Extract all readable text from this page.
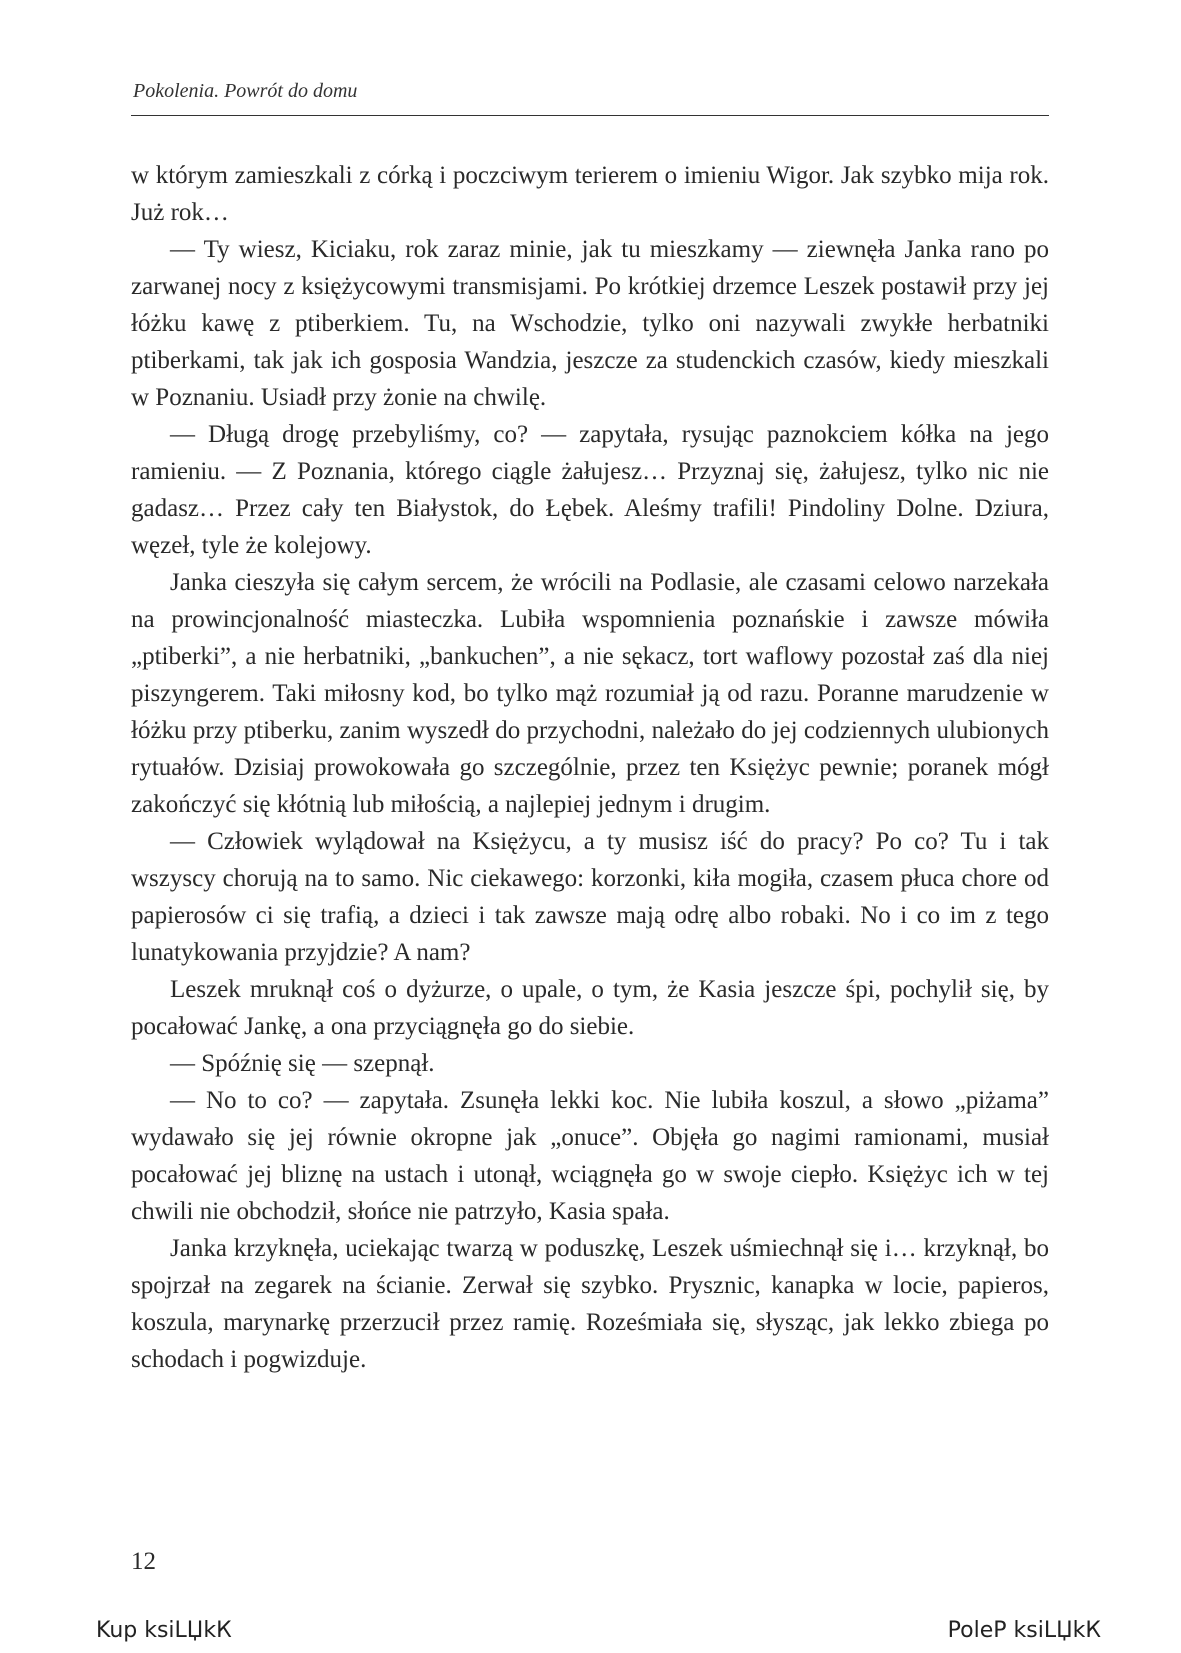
Pokolenia. Powrót do domu

w którym zamieszkali z córką i poczciwym terierem o imieniu Wigor. Jak szybko mija rok. Już rok…

— Ty wiesz, Kiciaku, rok zaraz minie, jak tu mieszkamy — ziewnęła Janka rano po zarwanej nocy z księżycowymi transmisjami. Po krótkiej drzemce Leszek postawił przy jej łóżku kawę z ptiberkiem. Tu, na Wschodzie, tylko oni nazywali zwykłe herbatniki ptiberkami, tak jak ich gosposia Wandzia, jeszcze za studenckich czasów, kiedy mieszkali w Poznaniu. Usiadł przy żonie na chwilę.

— Długą drogę przebyliśmy, co? — zapytała, rysując paznokciem kółka na jego ramieniu. — Z Poznania, którego ciągle żałujesz… Przyznaj się, żałujesz, tylko nic nie gadasz… Przez cały ten Białystok, do Łębek. Aleśmy trafili! Pindoliny Dolne. Dziura, węzeł, tyle że kolejowy.

Janka cieszyła się całym sercem, że wrócili na Podlasie, ale czasami celowo narzekała na prowincjonalność miasteczka. Lubiła wspomnienia poznańskie i zawsze mówiła „ptiberki”, a nie herbatniki, „bankuchen”, a nie sękacz, tort waflowy pozostał zaś dla niej piszyngerem. Taki miłosny kod, bo tylko mąż rozumiał ją od razu. Poranne marudzenie w łóżku przy ptiberku, zanim wyszedł do przychodni, należało do jej codziennych ulubionych rytuałów. Dzisiaj prowokowała go szczególnie, przez ten Księżyc pewnie; poranek mógł zakończyć się kłótnią lub miłością, a najlepiej jednym i drugim.

— Człowiek wylądował na Księżycu, a ty musisz iść do pracy? Po co? Tu i tak wszyscy chorują na to samo. Nic ciekawego: korzonki, kiła mogiła, czasem płuca chore od papierosów ci się trafią, a dzieci i tak zawsze mają odrę albo robaki. No i co im z tego lunatykowania przyjdzie? A nam?

Leszek mruknął coś o dyżurze, o upale, o tym, że Kasia jeszcze śpi, pochylił się, by pocałować Jankę, a ona przyciągnęła go do siebie.

— Spóźnię się — szepnął.

— No to co? — zapytała. Zsunęła lekki koc. Nie lubiła koszul, a słowo „piżama” wydawało się jej równie okropne jak „onuce”. Objęła go nagimi ramionami, musiał pocałować jej bliznę na ustach i utonął, wciągnęła go w swoje ciepło. Księżyc ich w tej chwili nie obchodził, słońce nie patrzyło, Kasia spała.

Janka krzyknęła, uciekając twarzą w poduszkę, Leszek uśmiechnął się i… krzyknął, bo spojrzał na zegarek na ścianie. Zerwał się szybko. Prysznic, kanapka w locie, papieros, koszula, marynarkę przerzucił przez ramię. Roześmiała się, słysząc, jak lekko zbiega po schodach i pogwizduje.

12
Kup ksiLЏkК	PoleР ksiLЏkК
